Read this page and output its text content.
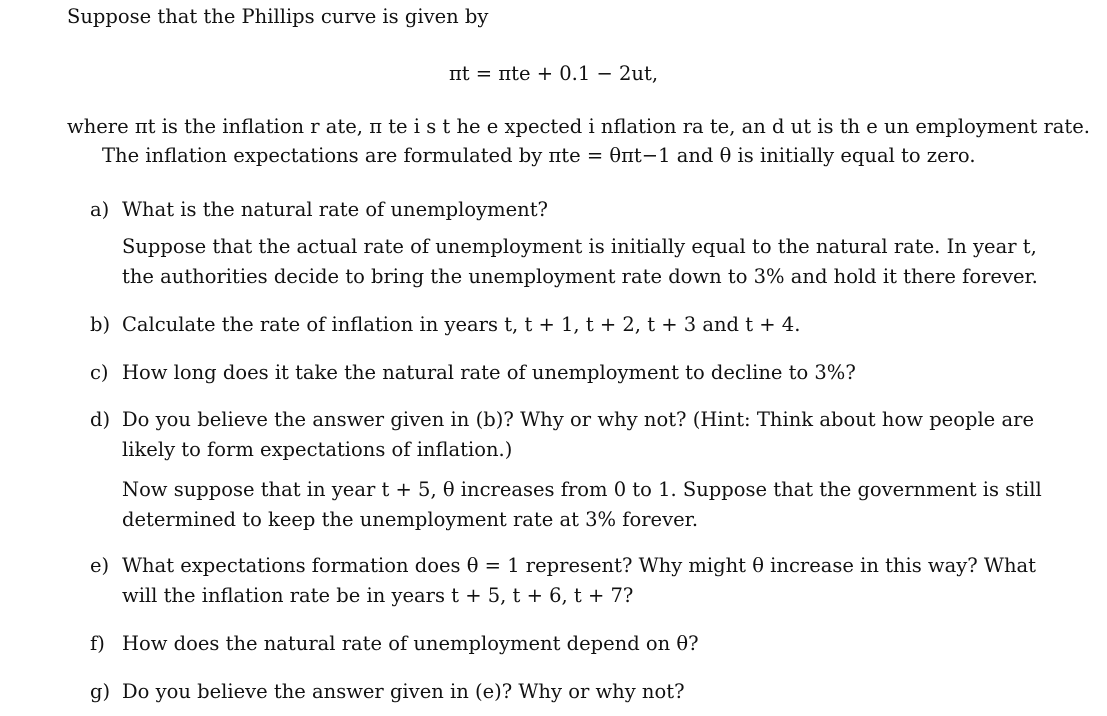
Suppose that the Phillips curve is given by
πt = πte + 0.1 − 2ut,
where πt is the inflation r ate, π te i s t he e xpected i nflation ra te, an d ut is th e un employment rate.
The inflation expectations are formulated by πte = θπt−1 and θ is initially equal to zero.
a) What is the natural rate of unemployment?
Suppose that the actual rate of unemployment is initially equal to the natural rate. In year t,
the authorities decide to bring the unemployment rate down to 3% and hold it there forever.
b) Calculate the rate of inflation in years t, t + 1, t + 2, t + 3 and t + 4.
c) How long does it take the natural rate of unemployment to decline to 3%?
d) Do you believe the answer given in (b)? Why or why not? (Hint: Think about how people are
likely to form expectations of inflation.)
Now suppose that in year t + 5, θ increases from 0 to 1. Suppose that the government is still
determined to keep the unemployment rate at 3% forever.
e) What expectations formation does θ = 1 represent? Why might θ increase in this way? What
will the inflation rate be in years t + 5, t + 6, t + 7?
f) How does the natural rate of unemployment depend on θ?
g) Do you believe the answer given in (e)? Why or why not?
